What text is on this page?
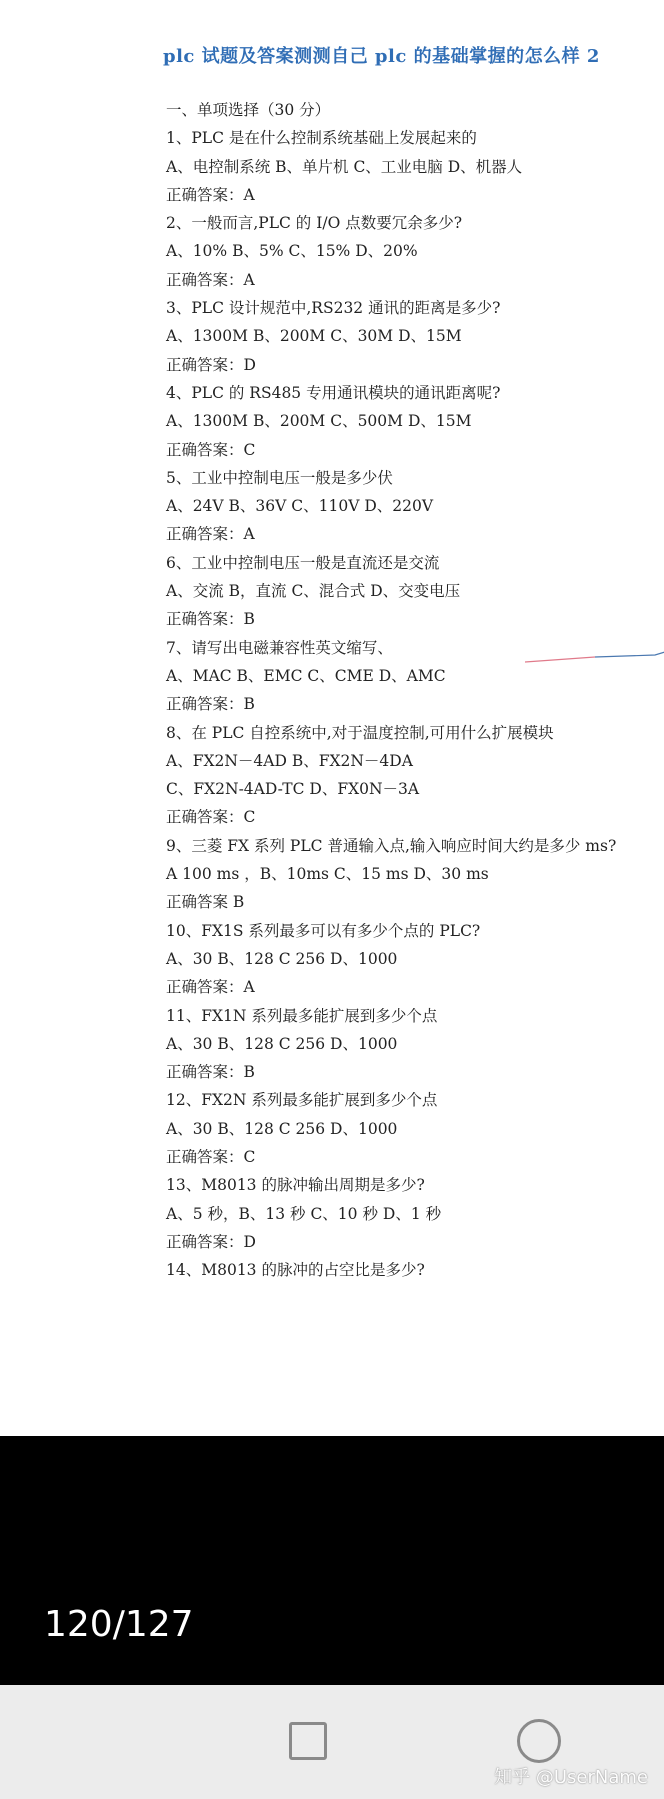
plc 试题及答案测测自己 plc 的基础掌握的怎么样 2
一、单项选择（30 分）
1、PLC 是在什么控制系统基础上发展起来的
A、电控制系统 B、单片机 C、工业电脑 D、机器人
正确答案：A
2、一般而言,PLC 的 I/O 点数要冗余多少?
A、10% B、5% C、15% D、20%
正确答案：A
3、PLC 设计规范中,RS232 通讯的距离是多少?
A、1300M B、200M C、30M D、15M
正确答案：D
4、PLC 的 RS485 专用通讯模块的通讯距离呢?
A、1300M B、200M C、500M D、15M
正确答案：C
5、工业中控制电压一般是多少伏
A、24V B、36V C、110V D、220V
正确答案：A
6、工业中控制电压一般是直流还是交流
A、交流 B，直流 C、混合式 D、交变电压
正确答案：B
7、请写出电磁兼容性英文缩写、
A、MAC B、EMC C、CME D、AMC
正确答案：B
8、在 PLC 自控系统中,对于温度控制,可用什么扩展模块
A、FX2N－4AD B、FX2N－4DA
C、FX2N-4AD-TC D、FX0N－3A
正确答案：C
9、三菱 FX 系列 PLC 普通输入点,输入响应时间大约是多少 ms?
A 100 ms ，B、10ms C、15 ms D、30 ms
正确答案 B
10、FX1S 系列最多可以有多少个点的 PLC?
A、30 B、128 C 256 D、1000
正确答案：A
11、FX1N 系列最多能扩展到多少个点
A、30 B、128 C 256 D、1000
正确答案：B
12、FX2N 系列最多能扩展到多少个点
A、30 B、128 C 256 D、1000
正确答案：C
13、M8013 的脉冲输出周期是多少?
A、5 秒，B、13 秒 C、10 秒 D、1 秒
正确答案：D
14、M8013 的脉冲的占空比是多少?
120/127
知乎 @UserName
